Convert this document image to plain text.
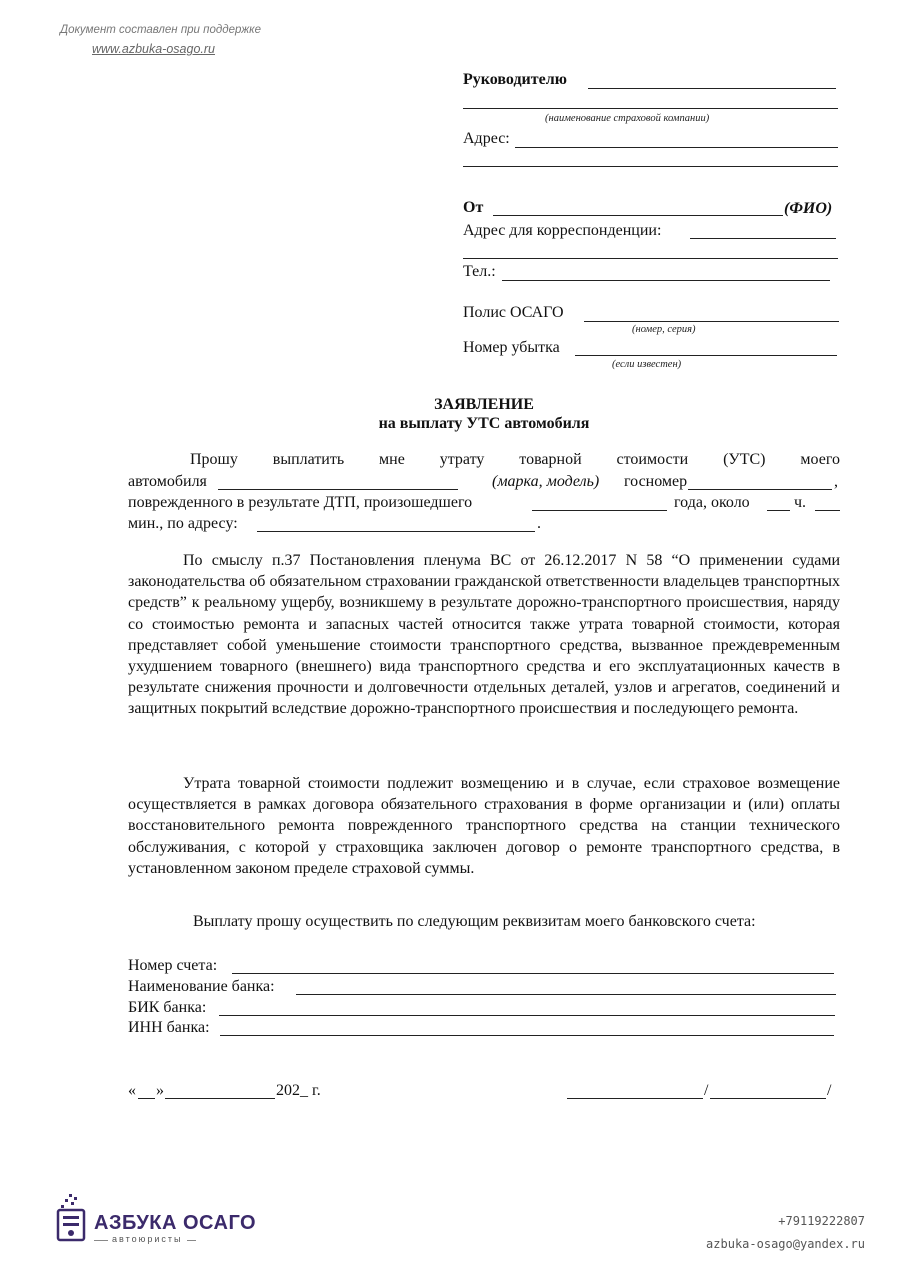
Документ составлен при поддержке
www.azbuka-osago.ru
Руководителю
(наименование страховой компании)
Адрес:
От	(ФИО)
Адрес для корреспонденции:
Тел.:
Полис ОСАГО
(номер, серия)
Номер убытка
(если известен)
ЗАЯВЛЕНИЕ
на выплату УТС автомобиля
Прошу выплатить мне утрату товарной стоимости (УТС) моего
автомобиля	(марка, модель) госномер	,
поврежденного в результате ДТП, произошедшего	года, около	ч.
мин., по адресу:	.

По смыслу п.37 Постановления пленума ВС от 26.12.2017 N 58 “О применении судами законодательства об обязательном страховании гражданской ответственности владельцев транспортных средств” к реальному ущербу, возникшему в результате дорожно-транспортного происшествия, наряду со стоимостью ремонта и запасных частей относится также утрата товарной стоимости, которая представляет собой уменьшение стоимости транспортного средства, вызванное преждевременным ухудшением товарного (внешнего) вида транспортного средства и его эксплуатационных качеств в результате снижения прочности и долговечности отдельных деталей, узлов и агрегатов, соединений и защитных покрытий вследствие дорожно-транспортного происшествия и последующего ремонта.

Утрата товарной стоимости подлежит возмещению и в случае, если страховое возмещение осуществляется в рамках договора обязательного страхования в форме организации и (или) оплаты восстановительного ремонта поврежденного транспортного средства на станции технического обслуживания, с которой у страховщика заключен договор о ремонте транспортного средства, в установленном законом пределе страховой суммы.

Выплату прошу осуществить по следующим реквизитам моего банковского счета:
Номер счета:
Наименование банка:
БИК банка:
ИНН банка:
« »	202_ г.	/	/
АЗБУКА ОСАГО
автоюристы
+79119222807
azbuka-osago@yandex.ru
